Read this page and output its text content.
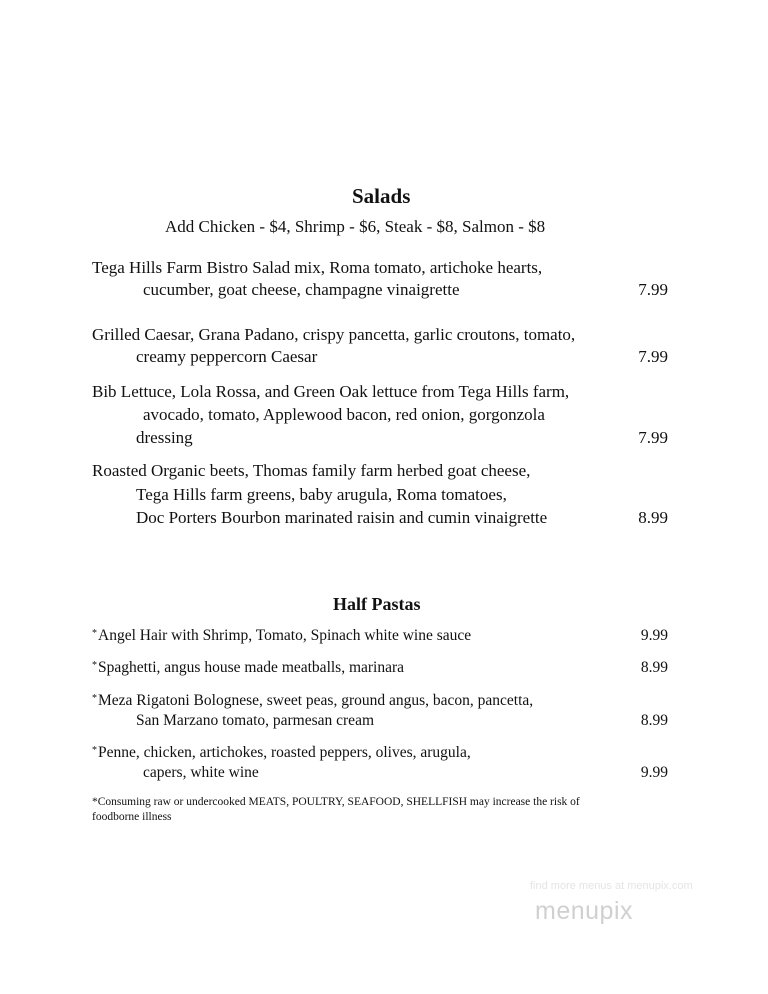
Salads
Add Chicken - $4, Shrimp - $6, Steak - $8, Salmon - $8
Tega Hills Farm Bistro Salad mix, Roma tomato, artichoke hearts,
cucumber, goat cheese, champagne vinaigrette	7.99
Grilled Caesar, Grana Padano, crispy pancetta, garlic croutons, tomato,
creamy peppercorn Caesar	7.99
Bib Lettuce, Lola Rossa, and Green Oak lettuce from Tega Hills farm,
avocado, tomato, Applewood bacon, red onion, gorgonzola
dressing	7.99
Roasted Organic beets, Thomas family farm herbed goat cheese,
Tega Hills farm greens, baby arugula, Roma tomatoes,
Doc Porters Bourbon marinated raisin and cumin vinaigrette	8.99
Half Pastas
*Angel Hair with Shrimp, Tomato, Spinach white wine sauce	9.99
*Spaghetti, angus house made meatballs, marinara	8.99
*Meza Rigatoni Bolognese, sweet peas, ground angus, bacon, pancetta,
San Marzano tomato, parmesan cream	8.99
*Penne, chicken, artichokes, roasted peppers, olives, arugula,
capers, white wine	9.99
*Consuming raw or undercooked MEATS, POULTRY, SEAFOOD, SHELLFISH may increase the risk of
foodborne illness
find more menus at menupix.com
menupix
